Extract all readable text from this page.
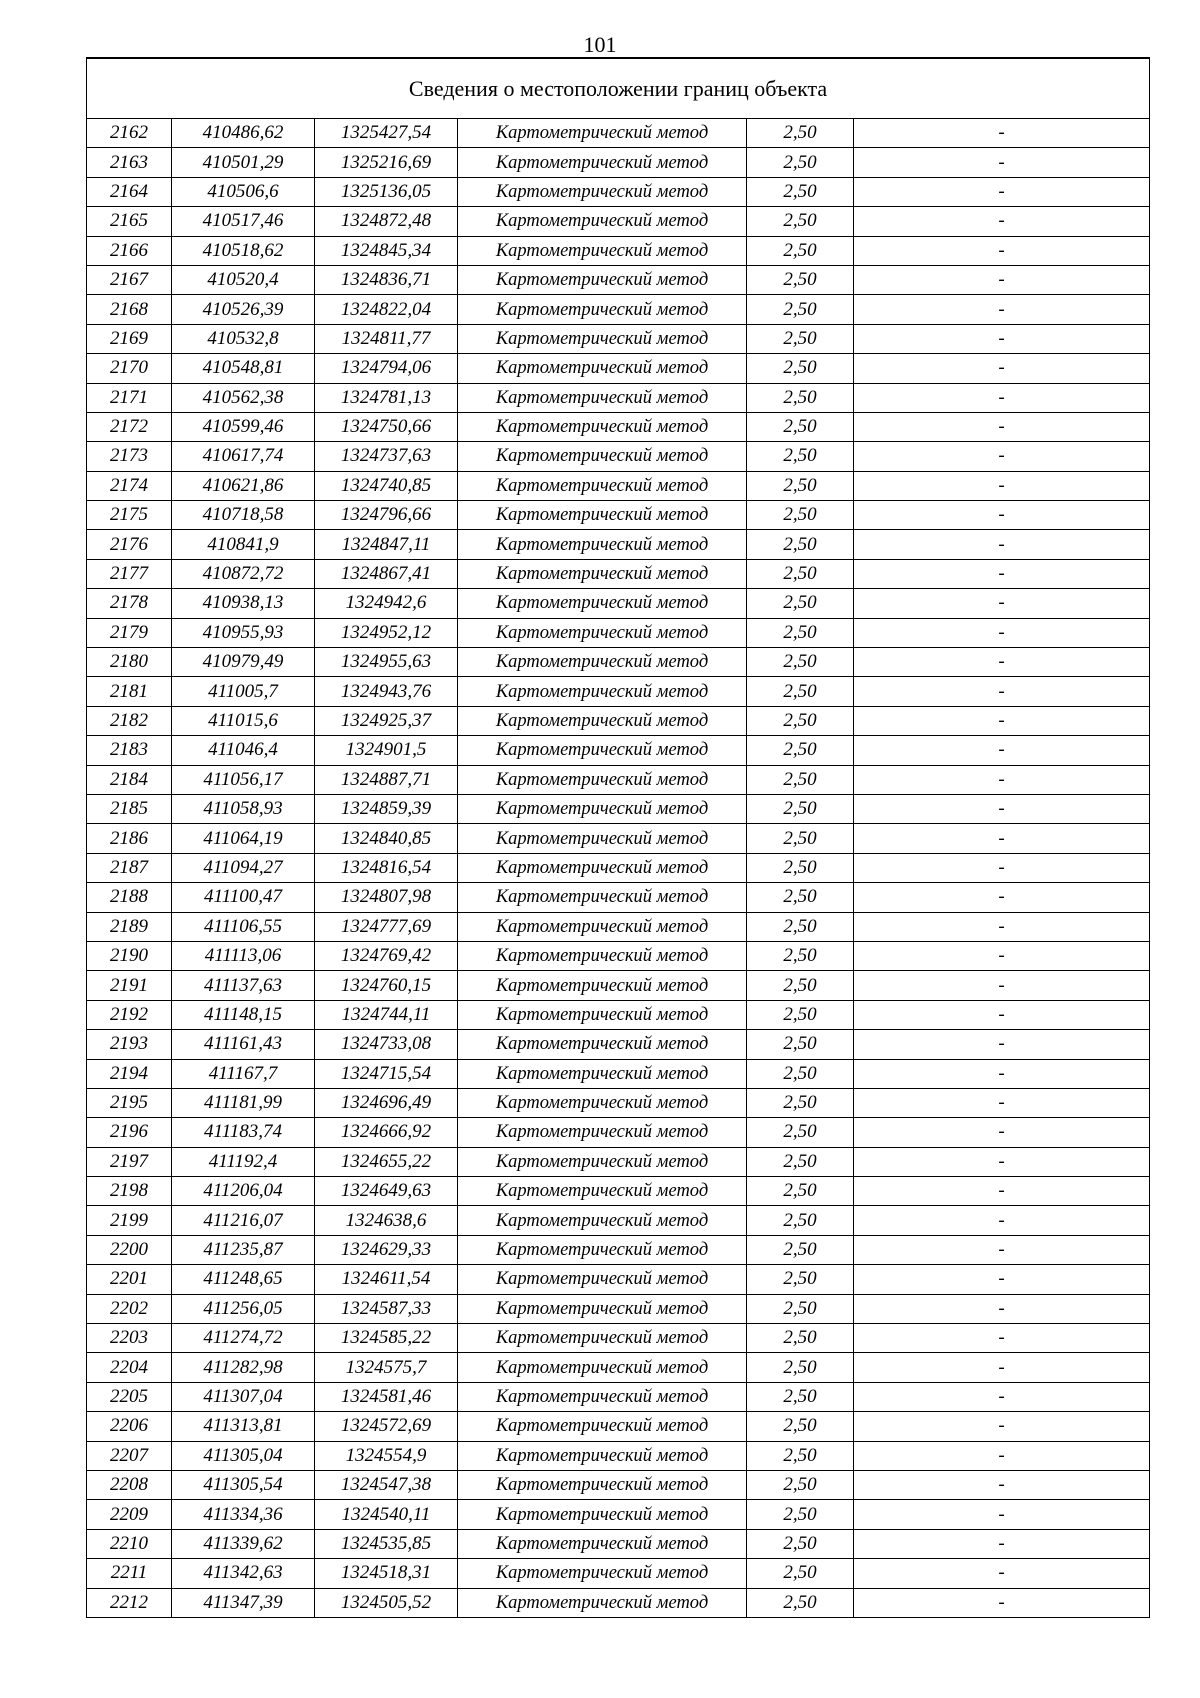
101
Сведения о местоположении границ объекта					
2162	410486,62	1325427,54	Картометрический метод	2,50	-
2163	410501,29	1325216,69	Картометрический метод	2,50	-
2164	410506,6	1325136,05	Картометрический метод	2,50	-
2165	410517,46	1324872,48	Картометрический метод	2,50	-
2166	410518,62	1324845,34	Картометрический метод	2,50	-
2167	410520,4	1324836,71	Картометрический метод	2,50	-
2168	410526,39	1324822,04	Картометрический метод	2,50	-
2169	410532,8	1324811,77	Картометрический метод	2,50	-
2170	410548,81	1324794,06	Картометрический метод	2,50	-
2171	410562,38	1324781,13	Картометрический метод	2,50	-
2172	410599,46	1324750,66	Картометрический метод	2,50	-
2173	410617,74	1324737,63	Картометрический метод	2,50	-
2174	410621,86	1324740,85	Картометрический метод	2,50	-
2175	410718,58	1324796,66	Картометрический метод	2,50	-
2176	410841,9	1324847,11	Картометрический метод	2,50	-
2177	410872,72	1324867,41	Картометрический метод	2,50	-
2178	410938,13	1324942,6	Картометрический метод	2,50	-
2179	410955,93	1324952,12	Картометрический метод	2,50	-
2180	410979,49	1324955,63	Картометрический метод	2,50	-
2181	411005,7	1324943,76	Картометрический метод	2,50	-
2182	411015,6	1324925,37	Картометрический метод	2,50	-
2183	411046,4	1324901,5	Картометрический метод	2,50	-
2184	411056,17	1324887,71	Картометрический метод	2,50	-
2185	411058,93	1324859,39	Картометрический метод	2,50	-
2186	411064,19	1324840,85	Картометрический метод	2,50	-
2187	411094,27	1324816,54	Картометрический метод	2,50	-
2188	411100,47	1324807,98	Картометрический метод	2,50	-
2189	411106,55	1324777,69	Картометрический метод	2,50	-
2190	411113,06	1324769,42	Картометрический метод	2,50	-
2191	411137,63	1324760,15	Картометрический метод	2,50	-
2192	411148,15	1324744,11	Картометрический метод	2,50	-
2193	411161,43	1324733,08	Картометрический метод	2,50	-
2194	411167,7	1324715,54	Картометрический метод	2,50	-
2195	411181,99	1324696,49	Картометрический метод	2,50	-
2196	411183,74	1324666,92	Картометрический метод	2,50	-
2197	411192,4	1324655,22	Картометрический метод	2,50	-
2198	411206,04	1324649,63	Картометрический метод	2,50	-
2199	411216,07	1324638,6	Картометрический метод	2,50	-
2200	411235,87	1324629,33	Картометрический метод	2,50	-
2201	411248,65	1324611,54	Картометрический метод	2,50	-
2202	411256,05	1324587,33	Картометрический метод	2,50	-
2203	411274,72	1324585,22	Картометрический метод	2,50	-
2204	411282,98	1324575,7	Картометрический метод	2,50	-
2205	411307,04	1324581,46	Картометрический метод	2,50	-
2206	411313,81	1324572,69	Картометрический метод	2,50	-
2207	411305,04	1324554,9	Картометрический метод	2,50	-
2208	411305,54	1324547,38	Картометрический метод	2,50	-
2209	411334,36	1324540,11	Картометрический метод	2,50	-
2210	411339,62	1324535,85	Картометрический метод	2,50	-
2211	411342,63	1324518,31	Картометрический метод	2,50	-
2212	411347,39	1324505,52	Картометрический метод	2,50	-
